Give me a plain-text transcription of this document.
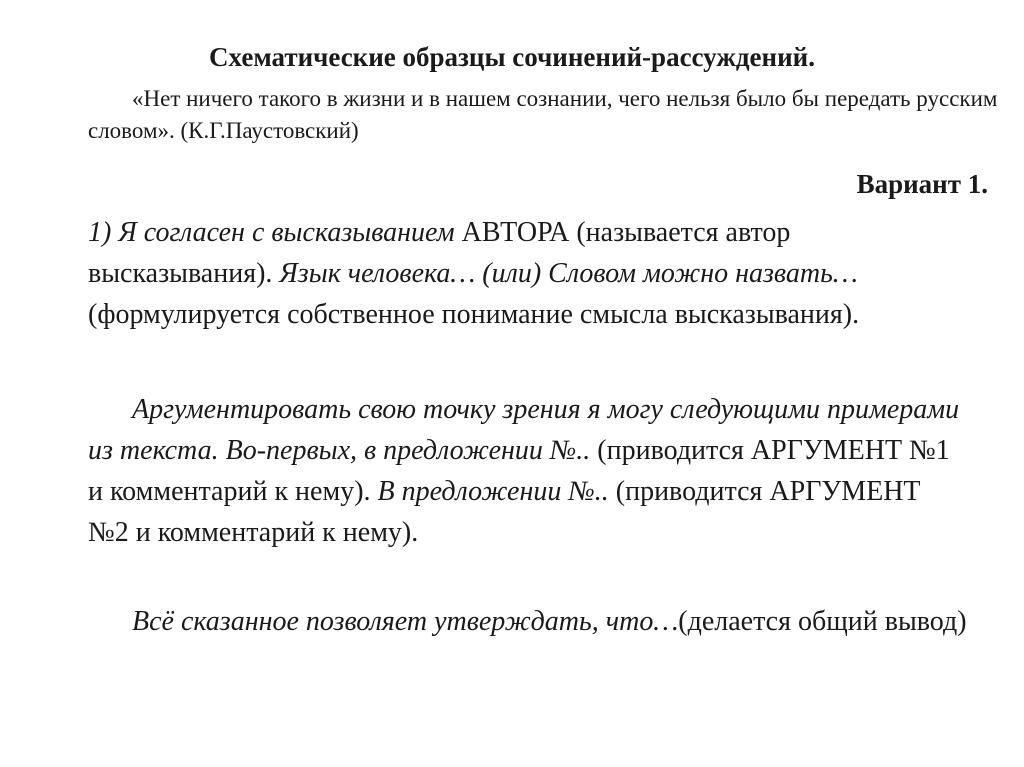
Схематические образцы сочинений-рассуждений.

«Нет ничего такого в жизни и в нашем сознании, чего нельзя было бы передать русским словом». (К.Г.Паустовский)

Вариант 1.

1) Я согласен с высказыванием АВТОРА (называется автор высказывания). Язык человека… (или) Словом можно назвать… (формулируется собственное понимание смысла высказывания).

Аргументировать свою точку зрения я могу следующими примерами из текста. Во-первых, в предложении №.. (приводится АРГУМЕНТ №1 и комментарий к нему). В предложении №.. (приводится АРГУМЕНТ №2 и комментарий к нему).

Всё сказанное позволяет утверждать, что…(делается общий вывод)
